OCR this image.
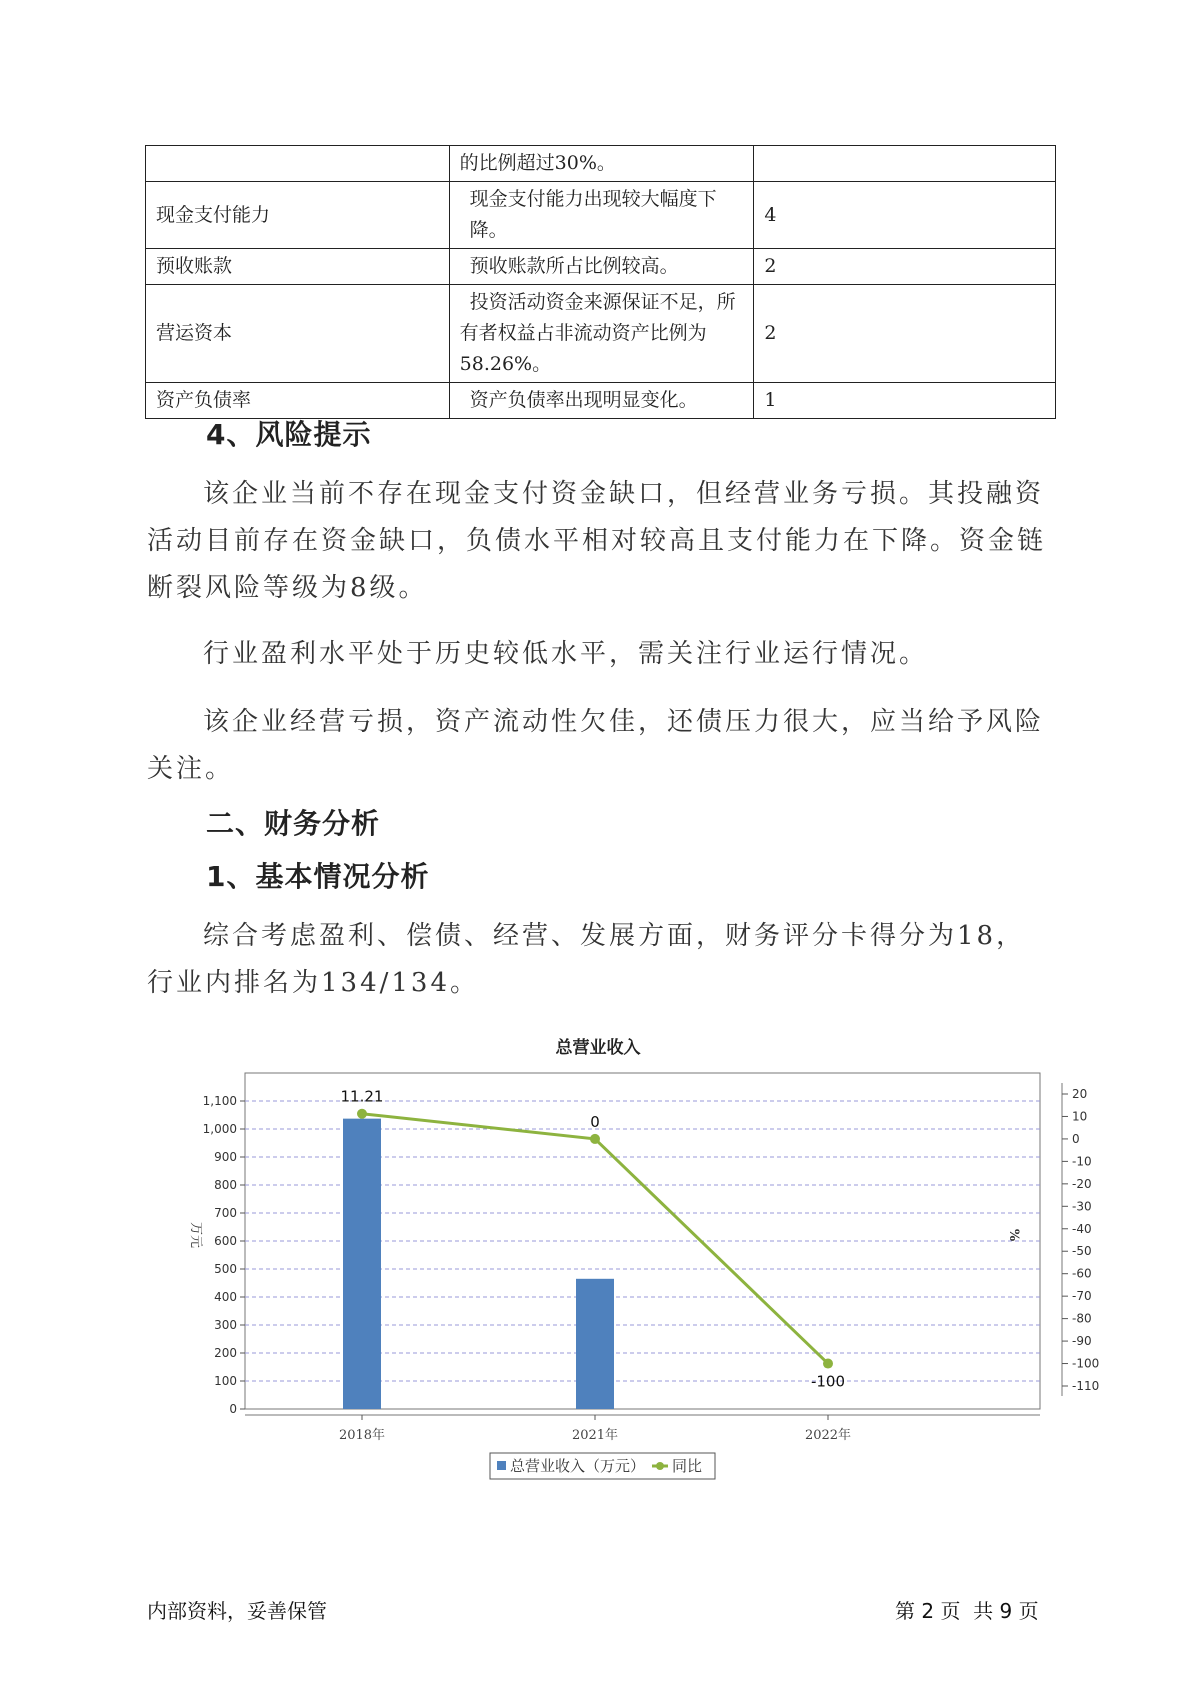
	的比例超过30%。	

现金支付能力	现金支付能力出现较大幅度下降。	4
预收账款	预收账款所占比例较高。	2
营运资本	投资活动资金来源保证不足，所
有者权益占非流动资产比例为
58.26%。	2
资产负债率	资产负债率出现明显变化。	1
4、风险提示

该企业当前不存在现金支付资金缺口，但经营业务亏损。其投融资活动目前存在资金缺口，负债水平相对较高且支付能力在下降。资金链断裂风险等级为8级。

行业盈利水平处于历史较低水平，需关注行业运行情况。

该企业经营亏损，资产流动性欠佳，还债压力很大，应当给予风险关注。

二、财务分析
1、基本情况分析

综合考虑盈利、偿债、经营、发展方面，财务评分卡得分为18，行业内排名为134/134。

总营业收入
0
100
200
300
400
500
600
700
800
900
1,000
1,100	20
10
0
-10
-20
-30
-40
-50
-60
-70
-80
-90
-100
-110
万元	%
2018年	2021年	2022年
11.21
0
-100
总营业收入（万元） 同比
内部资料，妥善保管	第 2 页  共 9 页
